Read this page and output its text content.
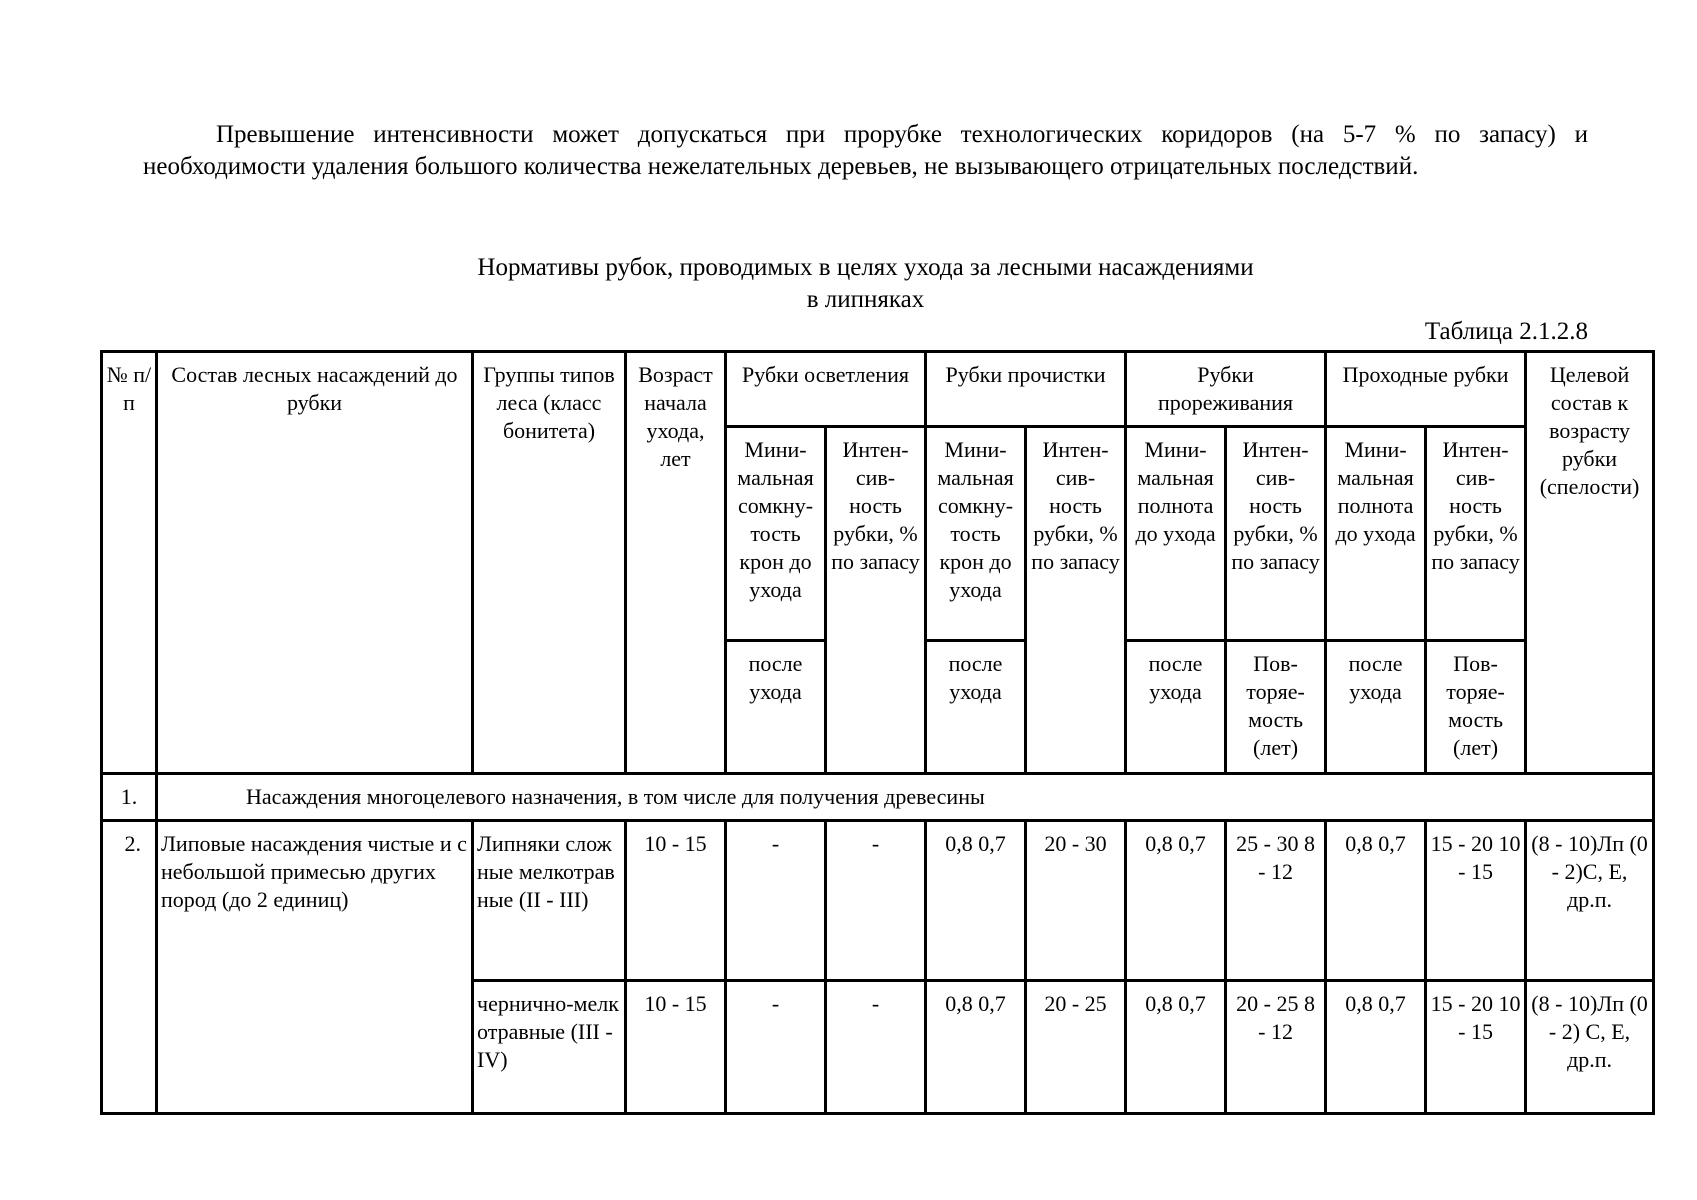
Превышение интенсивности может допускаться при прорубке технологических коридоров (на 5-7 % по запасу) и необходимости удаления большого количества нежелательных деревьев, не вызывающего отрицательных последствий.

Нормативы рубок, проводимых в целях ухода за лесными насаждениями
в липняках
Таблица 2.1.2.8
№ п/п	Состав лесных насаждений до рубки	Группы типов леса (класс бонитета)	Возраст начала ухода, лет	Рубки осветления		Рубки прочистки		Рубки прореживания		Проходные рубки		Целевой состав к возрасту рубки (спелости)
				Мини-мальная сомкну-тость крон до ухода	Интен-сив-ность рубки, % по запасу	Мини-мальная сомкну-тость крон до ухода	Интен-сив-ность рубки, % по запасу	Мини-мальная полнота до ухода	Интен-сив-ность рубки, % по запасу	Мини-мальная полнота до ухода	Интен-сив-ность рубки, % по запасу	
				после ухода		после ухода		после ухода	Пов-торяе-мость (лет)	после ухода	Пов-торяе-мость (лет)	
1.	Насаждения многоцелевого назначения, в том числе для получения древесины											
2.	Липовые насаждения чистые и с небольшой примесью других пород (до 2 единиц)	Липняки сложные мелкотравные (II - III)	10 - 15	-	-	0,8 0,7	20 - 30	0,8 0,7	25 - 30 8 - 12	0,8 0,7	15 - 20 10 - 15	(8 - 10)Лп (0 - 2)С, Е, др.п.
		чернично-мелкотравные (III - IV)	10 - 15	-	-	0,8 0,7	20 - 25	0,8 0,7	20 - 25 8 - 12	0,8 0,7	15 - 20 10 - 15	(8 - 10)Лп (0 - 2) С, Е, др.п.
